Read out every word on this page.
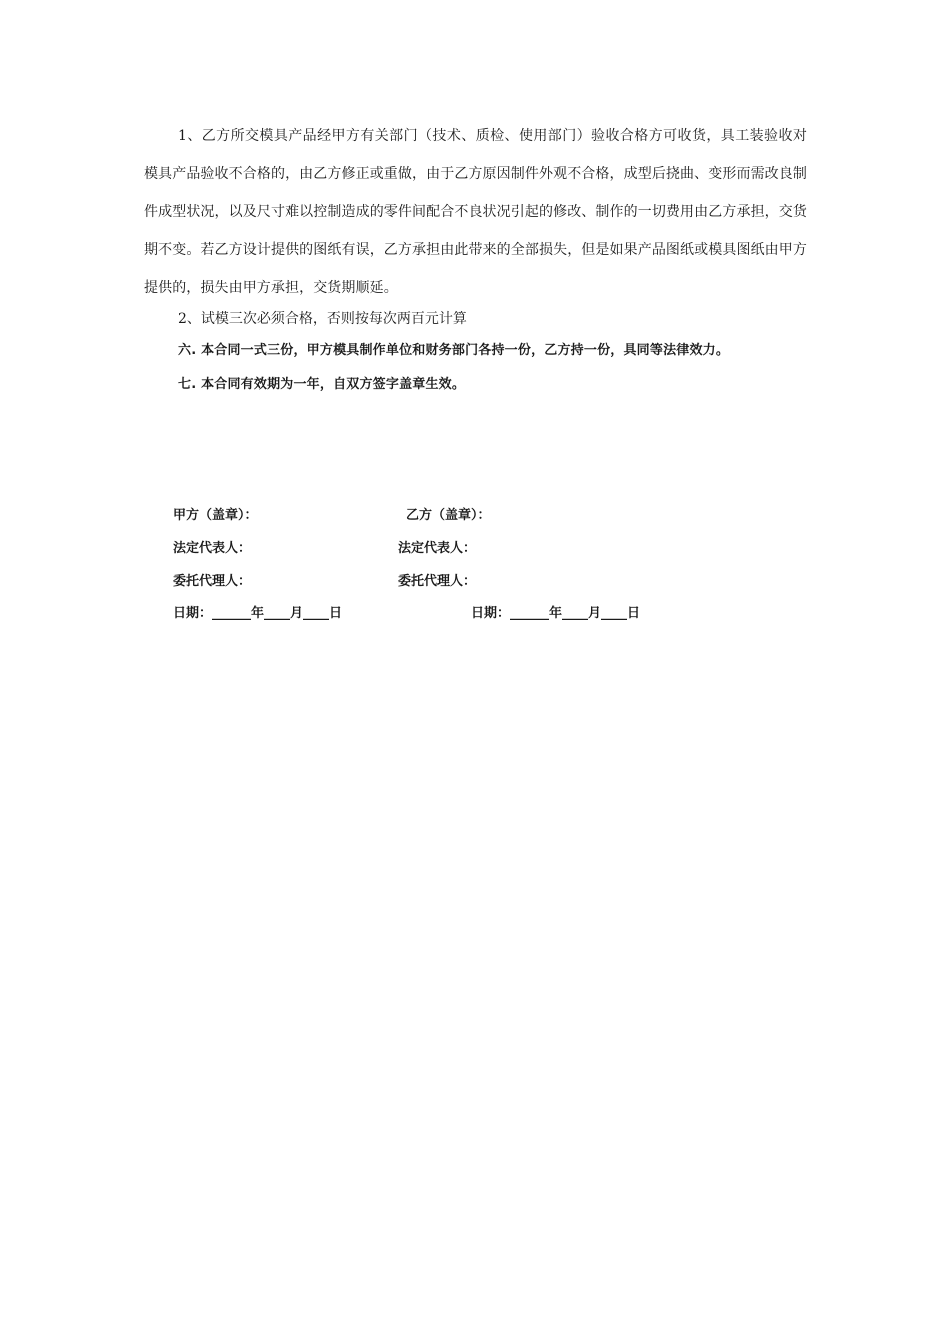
1、乙方所交模具产品经甲方有关部门（技术、质检、使用部门）验收合格方可收货，具工装验收对模具产品验收不合格的，由乙方修正或重做，由于乙方原因制件外观不合格，成型后挠曲、变形而需改良制件成型状况，以及尺寸难以控制造成的零件间配合不良状况引起的修改、制作的一切费用由乙方承担，交货期不变。若乙方设计提供的图纸有误，乙方承担由此带来的全部损失，但是如果产品图纸或模具图纸由甲方提供的，损失由甲方承担，交货期顺延。

2、试模三次必须合格，否则按每次两百元计算
六. 本合同一式三份，甲方模具制作单位和财务部门各持一份，乙方持一份，具同等法律效力。
七. 本合同有效期为一年，自双方签字盖章生效。
甲方（盖章）：	乙方（盖章）：
法定代表人：	法定代表人：
委托代理人：	委托代理人：
日期：______年____月____日	日期：______年____月____日
